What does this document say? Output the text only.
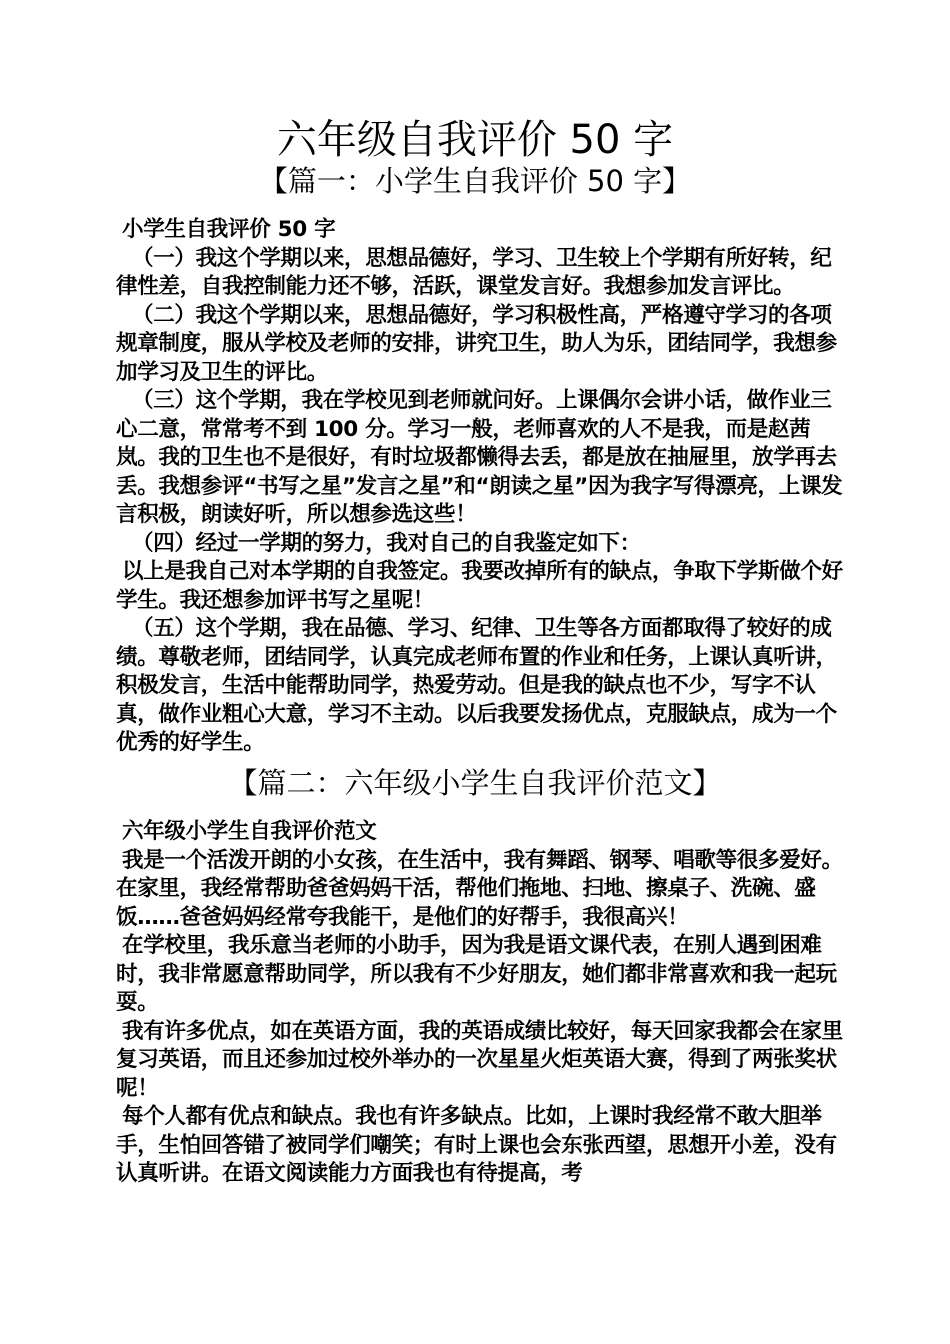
六年级自我评价 50 字
【篇一：小学生自我评价 50 字】

小学生自我评价 50 字

（一）我这个学期以来，思想品德好，学习、卫生较上个学期有所好转，纪律性差，自我控制能力还不够，活跃，课堂发言好。我想参加发言评比。

（二）我这个学期以来，思想品德好，学习积极性高，严格遵守学习的各项规章制度，服从学校及老师的安排，讲究卫生，助人为乐，团结同学，我想参加学习及卫生的评比。

（三）这个学期，我在学校见到老师就问好。上课偶尔会讲小话，做作业三心二意，常常考不到 100 分。学习一般，老师喜欢的人不是我，而是赵茜岚。我的卫生也不是很好，有时垃圾都懒得去丢，都是放在抽屉里，放学再去丢。我想参评“书写之星”发言之星”和“朗读之星”因为我字写得漂亮，上课发言积极，朗读好听，所以想参选这些！

（四）经过一学期的努力，我对自己的自我鉴定如下：

以上是我自己对本学期的自我签定。我要改掉所有的缺点，争取下学斯做个好学生。我还想参加评书写之星呢！

（五）这个学期，我在品德、学习、纪律、卫生等各方面都取得了较好的成绩。尊敬老师，团结同学，认真完成老师布置的作业和任务，上课认真听讲，积极发言，生活中能帮助同学，热爱劳动。但是我的缺点也不少，写字不认真，做作业粗心大意，学习不主动。以后我要发扬优点，克服缺点，成为一个优秀的好学生。

【篇二：六年级小学生自我评价范文】

六年级小学生自我评价范文

我是一个活泼开朗的小女孩，在生活中，我有舞蹈、钢琴、唱歌等很多爱好。在家里，我经常帮助爸爸妈妈干活，帮他们拖地、扫地、擦桌子、洗碗、盛饭……爸爸妈妈经常夸我能干，是他们的好帮手，我很高兴！

在学校里，我乐意当老师的小助手，因为我是语文课代表，在别人遇到困难时，我非常愿意帮助同学，所以我有不少好朋友，她们都非常喜欢和我一起玩耍。

我有许多优点，如在英语方面，我的英语成绩比较好，每天回家我都会在家里复习英语，而且还参加过校外举办的一次星星火炬英语大赛，得到了两张奖状呢！

每个人都有优点和缺点。我也有许多缺点。比如，上课时我经常不敢大胆举手，生怕回答错了被同学们嘲笑；有时上课也会东张西望，思想开小差，没有认真听讲。在语文阅读能力方面我也有待提高，考
